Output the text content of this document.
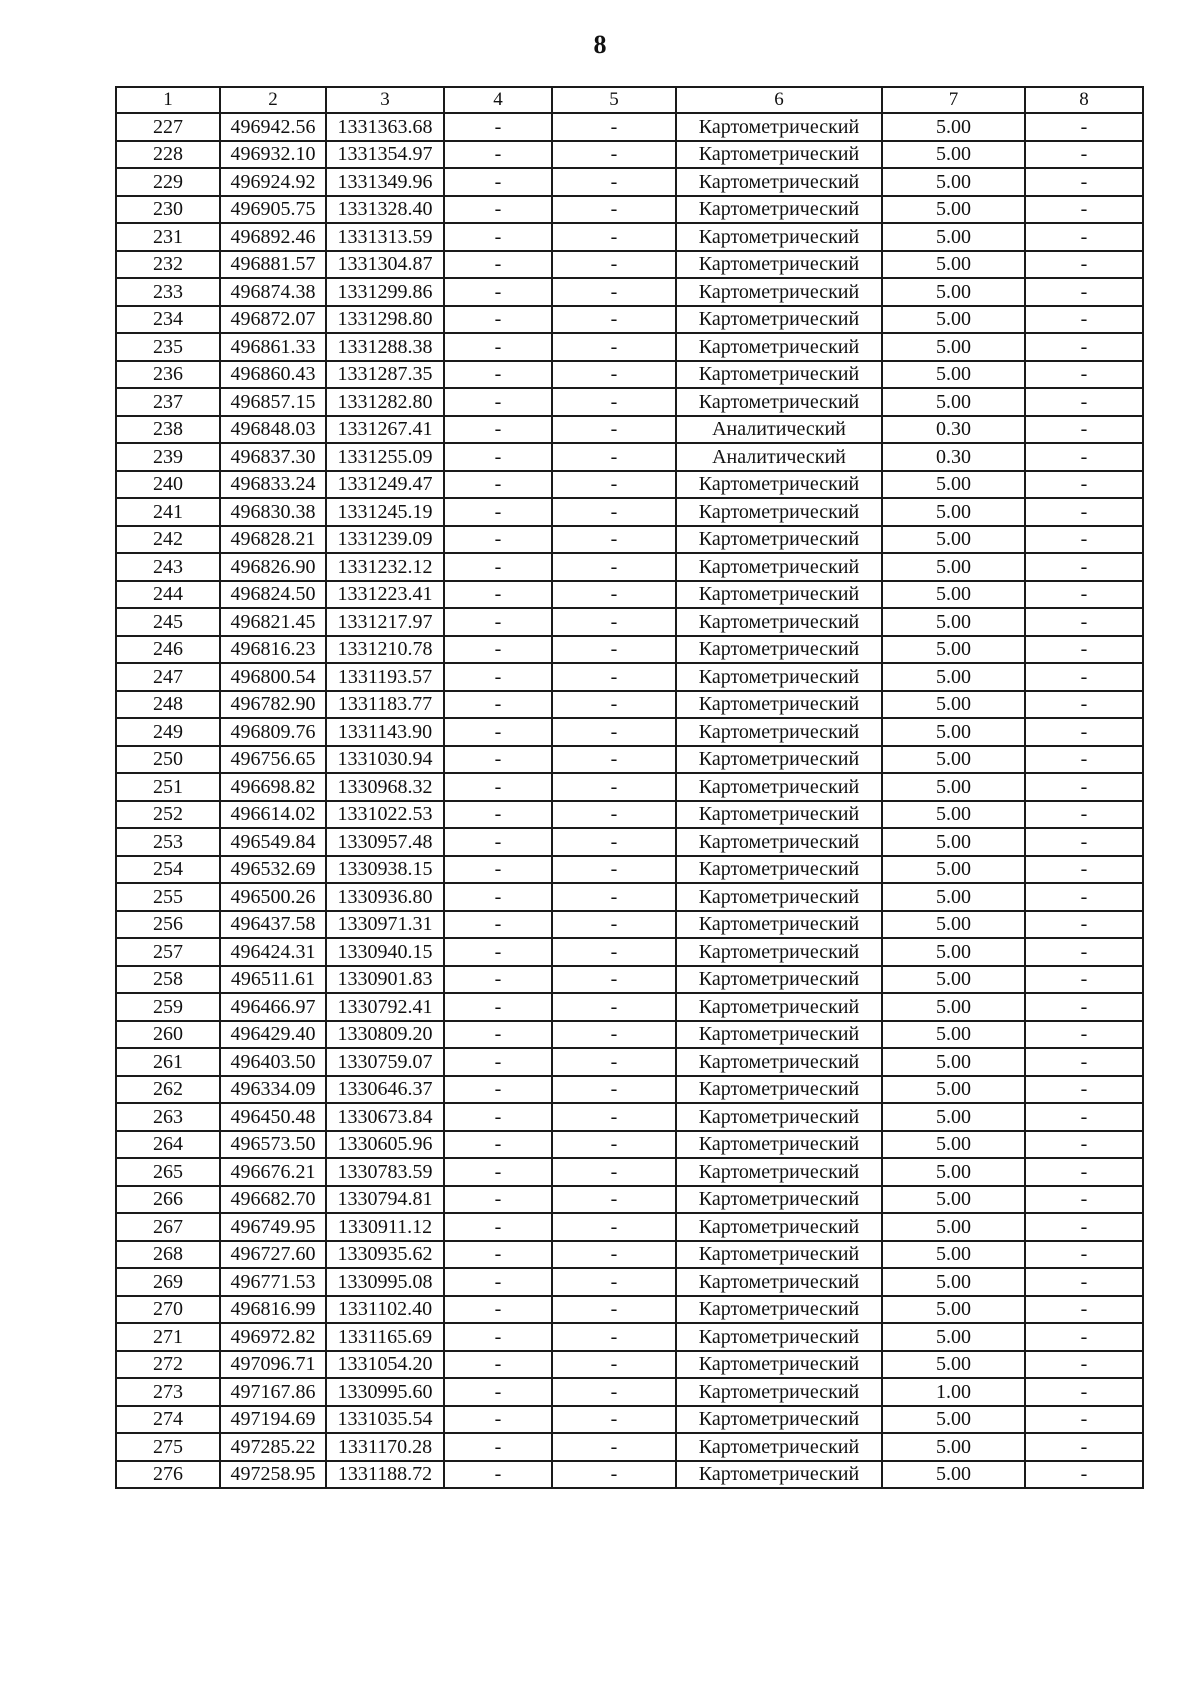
8
1	2	3	4	5	6	7	8
227	496942.56	1331363.68	-	-	Картометрический	5.00	-
228	496932.10	1331354.97	-	-	Картометрический	5.00	-
229	496924.92	1331349.96	-	-	Картометрический	5.00	-
230	496905.75	1331328.40	-	-	Картометрический	5.00	-
231	496892.46	1331313.59	-	-	Картометрический	5.00	-
232	496881.57	1331304.87	-	-	Картометрический	5.00	-
233	496874.38	1331299.86	-	-	Картометрический	5.00	-
234	496872.07	1331298.80	-	-	Картометрический	5.00	-
235	496861.33	1331288.38	-	-	Картометрический	5.00	-
236	496860.43	1331287.35	-	-	Картометрический	5.00	-
237	496857.15	1331282.80	-	-	Картометрический	5.00	-
238	496848.03	1331267.41	-	-	Аналитический	0.30	-
239	496837.30	1331255.09	-	-	Аналитический	0.30	-
240	496833.24	1331249.47	-	-	Картометрический	5.00	-
241	496830.38	1331245.19	-	-	Картометрический	5.00	-
242	496828.21	1331239.09	-	-	Картометрический	5.00	-
243	496826.90	1331232.12	-	-	Картометрический	5.00	-
244	496824.50	1331223.41	-	-	Картометрический	5.00	-
245	496821.45	1331217.97	-	-	Картометрический	5.00	-
246	496816.23	1331210.78	-	-	Картометрический	5.00	-
247	496800.54	1331193.57	-	-	Картометрический	5.00	-
248	496782.90	1331183.77	-	-	Картометрический	5.00	-
249	496809.76	1331143.90	-	-	Картометрический	5.00	-
250	496756.65	1331030.94	-	-	Картометрический	5.00	-
251	496698.82	1330968.32	-	-	Картометрический	5.00	-
252	496614.02	1331022.53	-	-	Картометрический	5.00	-
253	496549.84	1330957.48	-	-	Картометрический	5.00	-
254	496532.69	1330938.15	-	-	Картометрический	5.00	-
255	496500.26	1330936.80	-	-	Картометрический	5.00	-
256	496437.58	1330971.31	-	-	Картометрический	5.00	-
257	496424.31	1330940.15	-	-	Картометрический	5.00	-
258	496511.61	1330901.83	-	-	Картометрический	5.00	-
259	496466.97	1330792.41	-	-	Картометрический	5.00	-
260	496429.40	1330809.20	-	-	Картометрический	5.00	-
261	496403.50	1330759.07	-	-	Картометрический	5.00	-
262	496334.09	1330646.37	-	-	Картометрический	5.00	-
263	496450.48	1330673.84	-	-	Картометрический	5.00	-
264	496573.50	1330605.96	-	-	Картометрический	5.00	-
265	496676.21	1330783.59	-	-	Картометрический	5.00	-
266	496682.70	1330794.81	-	-	Картометрический	5.00	-
267	496749.95	1330911.12	-	-	Картометрический	5.00	-
268	496727.60	1330935.62	-	-	Картометрический	5.00	-
269	496771.53	1330995.08	-	-	Картометрический	5.00	-
270	496816.99	1331102.40	-	-	Картометрический	5.00	-
271	496972.82	1331165.69	-	-	Картометрический	5.00	-
272	497096.71	1331054.20	-	-	Картометрический	5.00	-
273	497167.86	1330995.60	-	-	Картометрический	1.00	-
274	497194.69	1331035.54	-	-	Картометрический	5.00	-
275	497285.22	1331170.28	-	-	Картометрический	5.00	-
276	497258.95	1331188.72	-	-	Картометрический	5.00	-
